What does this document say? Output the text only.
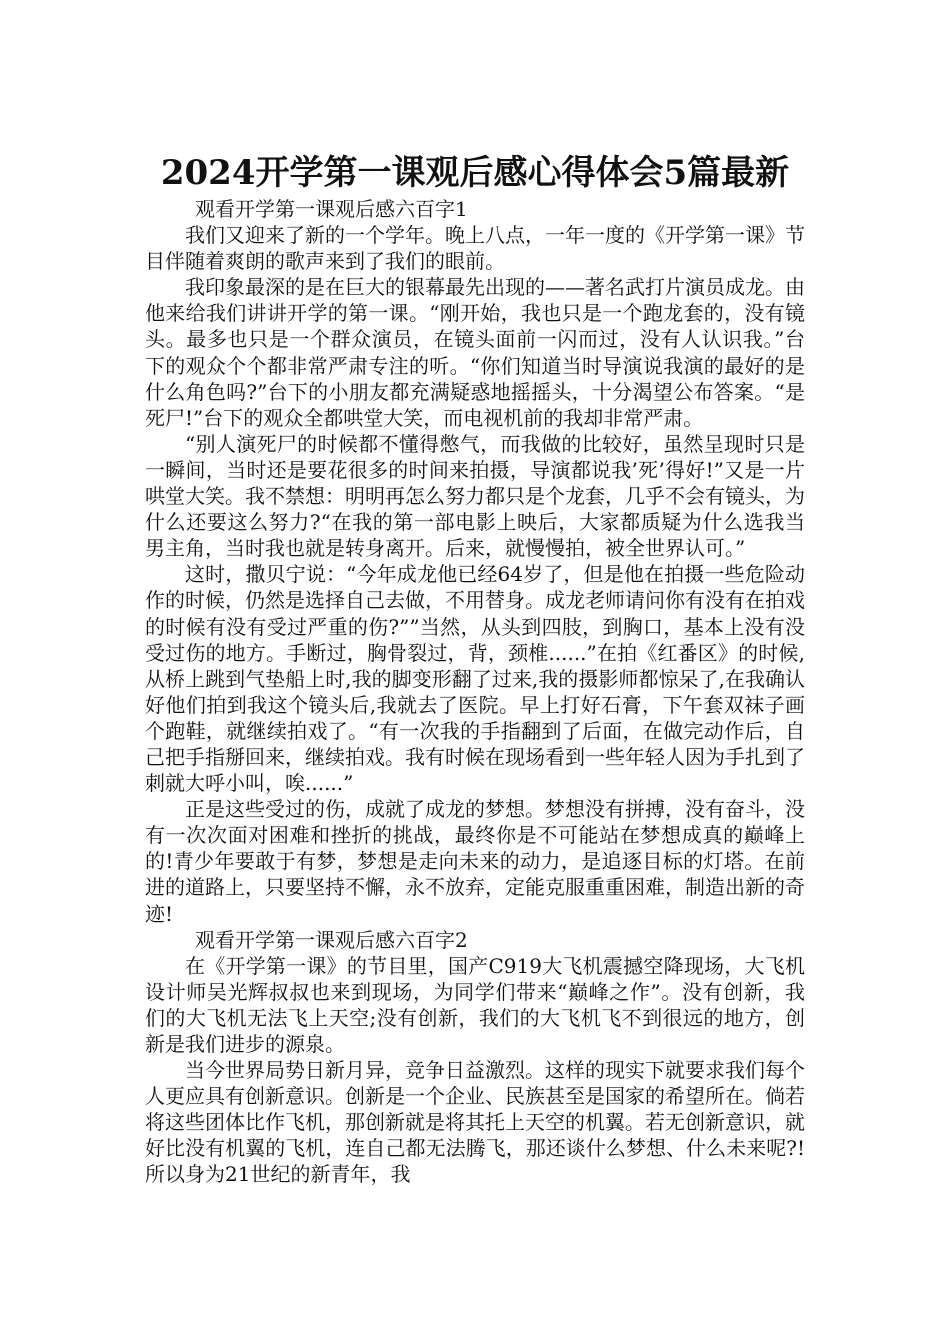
2024开学第一课观后感心得体会5篇最新

观看开学第一课观后感六百字1

我们又迎来了新的一个学年。晚上八点，一年一度的《开学第一课》节目伴随着爽朗的歌声来到了我们的眼前。

我印象最深的是在巨大的银幕最先出现的——著名武打片演员成龙。由他来给我们讲讲开学的第一课。“刚开始，我也只是一个跑龙套的，没有镜头。最多也只是一个群众演员，在镜头面前一闪而过，没有人认识我。”台下的观众个个都非常严肃专注的听。“你们知道当时导演说我演的最好的是什么角色吗?”台下的小朋友都充满疑惑地摇摇头，十分渴望公布答案。“是死尸!”台下的观众全都哄堂大笑，而电视机前的我却非常严肃。

“别人演死尸的时候都不懂得憋气，而我做的比较好，虽然呈现时只是一瞬间，当时还是要花很多的时间来拍摄，导演都说我’死’得好!”又是一片哄堂大笑。我不禁想：明明再怎么努力都只是个龙套，几乎不会有镜头，为什么还要这么努力?“在我的第一部电影上映后，大家都质疑为什么选我当男主角，当时我也就是转身离开。后来，就慢慢拍，被全世界认可。”

这时，撒贝宁说：“今年成龙他已经64岁了，但是他在拍摄一些危险动作的时候，仍然是选择自己去做，不用替身。成龙老师请问你有没有在拍戏的时候有没有受过严重的伤?””当然，从头到四肢，到胸口，基本上没有没受过伤的地方。手断过，胸骨裂过，背，颈椎......”在拍《红番区》的时候,从桥上跳到气垫船上时,我的脚变形翻了过来,我的摄影师都惊呆了,在我确认好他们拍到我这个镜头后,我就去了医院。早上打好石膏，下午套双袜子画个跑鞋，就继续拍戏了。“有一次我的手指翻到了后面，在做完动作后，自己把手指掰回来，继续拍戏。我有时候在现场看到一些年轻人因为手扎到了刺就大呼小叫，唉......”

正是这些受过的伤，成就了成龙的梦想。梦想没有拼搏，没有奋斗，没有一次次面对困难和挫折的挑战，最终你是不可能站在梦想成真的巅峰上的!青少年要敢于有梦，梦想是走向未来的动力，是追逐目标的灯塔。在前进的道路上，只要坚持不懈，永不放弃，定能克服重重困难，制造出新的奇迹!

观看开学第一课观后感六百字2

在《开学第一课》的节目里，国产C919大飞机震撼空降现场，大飞机设计师吴光辉叔叔也来到现场，为同学们带来“巅峰之作”。没有创新，我们的大飞机无法飞上天空;没有创新，我们的大飞机飞不到很远的地方，创新是我们进步的源泉。

当今世界局势日新月异，竞争日益激烈。这样的现实下就要求我们每个人更应具有创新意识。创新是一个企业、民族甚至是国家的希望所在。倘若将这些团体比作飞机，那创新就是将其托上天空的机翼。若无创新意识，就好比没有机翼的飞机，连自己都无法腾飞，那还谈什么梦想、什么未来呢?!所以身为21世纪的新青年，我
